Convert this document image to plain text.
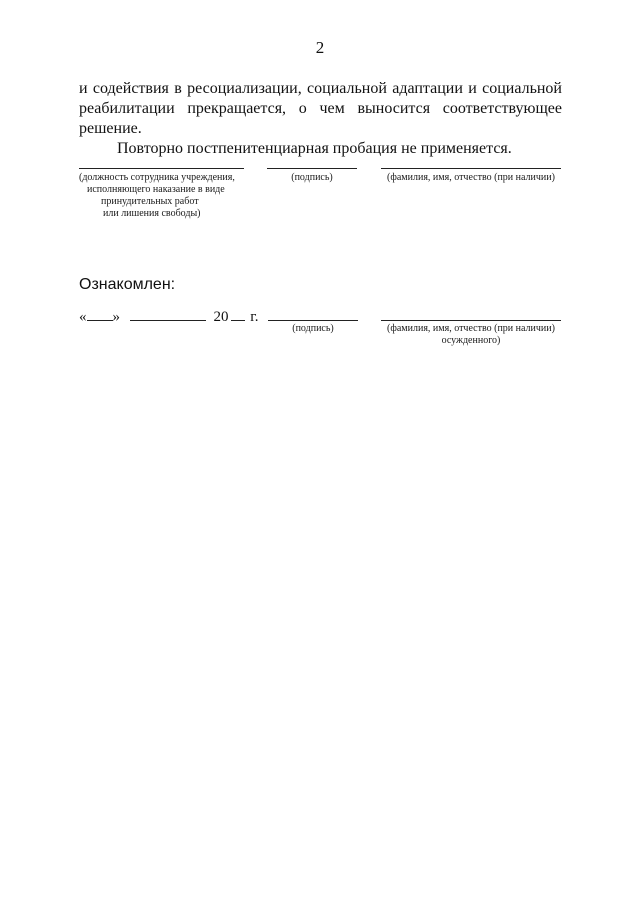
2

и содействия в ресоциализации, социальной адаптации и социальной
реабилитации прекращается, о чем выносится соответствующее решение.

Повторно постпенитенциарная пробация не применяется.

(должность сотрудника учреждения,
исполняющего наказание в виде
принудительных работ
или лишения свободы)
(подпись)	(фамилия, имя, отчество (при наличии)
Ознакомлен:
« »	20 г.
(подпись)	(фамилия, имя, отчество (при наличии)
осужденного)
